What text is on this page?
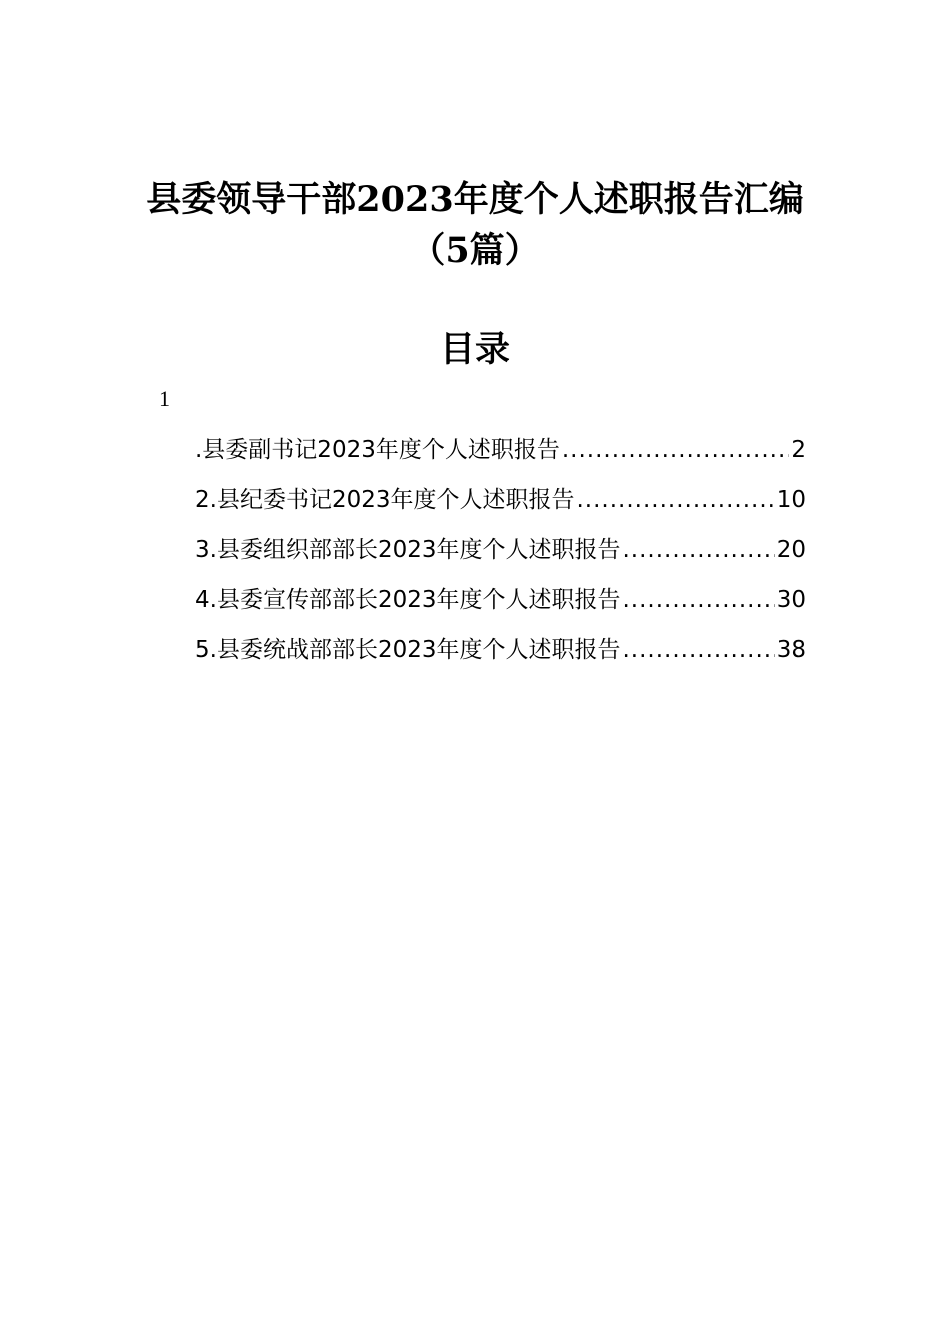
县委领导干部2023年度个人述职报告汇编
（5篇）
目录
1
.县委副书记2023年度个人述职报告 .....	2
2.县纪委书记2023年度个人述职报告 .....	10
3.县委组织部部长2023年度个人述职报告 .....	20
4.县委宣传部部长2023年度个人述职报告 .....	30
5.县委统战部部长2023年度个人述职报告 .....	38
